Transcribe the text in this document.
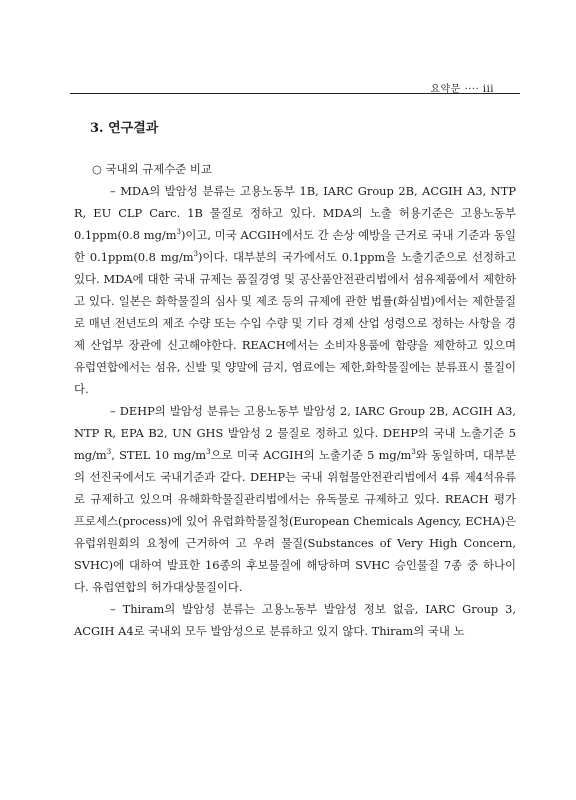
요약문 ···· iii
3. 연구결과

○ 국내외 규제수준 비교

– MDA의 발암성 분류는 고용노동부 1B, IARC Group 2B, ACGIH A3, NTP R, EU CLP Carc. 1B 물질로 정하고 있다. MDA의 노출 허용기준은 고용노동부 0.1ppm(0.8 $mg/m^3$)이고, 미국 ACGIH에서도 간 손상 예방을 근거로 국내 기준과 동일한 0.1ppm(0.8 $mg/m^3$)이다. 대부분의 국가에서도 0.1ppm을 노출기준으로 선정하고 있다. MDA에 대한 국내 규제는 품질경영 및 공산품안전관리법에서 섬유제품에서 제한하고 있다. 일본은 화학물질의 심사 및 제조 등의 규제에 관한 법률(화심법)에서는 제한물질로 매년 전년도의 제조 수량 또는 수입 수량 및 기타 경제 산업 성령으로 정하는 사항을 경제 산업부 장관에 신고해야한다. REACH에서는 소비자용품에 함량을 제한하고 있으며 유럽연합에서는 섬유, 신발 및 양말에 금지, 염료에는 제한,화학물질에는 분류표시 물질이다.

– DEHP의 발암성 분류는 고용노동부 발암성 2, IARC Group 2B, ACGIH A3, NTP R, EPA B2, UN GHS 발암성 2 물질로 정하고 있다. DEHP의 국내 노출기준 5 $mg/m^3$, STEL 10 $mg/m^3$으로 미국 ACGIH의 노출기준 5 $mg/m^3$와 동일하며, 대부분의 선진국에서도 국내기준과 같다. DEHP는 국내 위험물안전관리법에서 4류 제4석유류 로 규제하고 있으며 유해화학물질관리법에서는 유독물로 규제하고 있다. REACH 평가 프로세스(process)에 있어 유럽화학물질청(European Chemicals Agency, ECHA)은 유럽위원회의 요청에 근거하여 고 우려 물질(Substances of Very High Concern, SVHC)에 대하여 발표한 16종의 후보물질에 해당하며 SVHC 승인물질 7종 중 하나이다. 유럽연합의 허가대상물질이다.

– Thiram의 발암성 분류는 고용노동부 발암성 정보 없음, IARC Group 3, ACGIH A4로 국내외 모두 발암성으로 분류하고 있지 않다. Thiram의 국내 노
